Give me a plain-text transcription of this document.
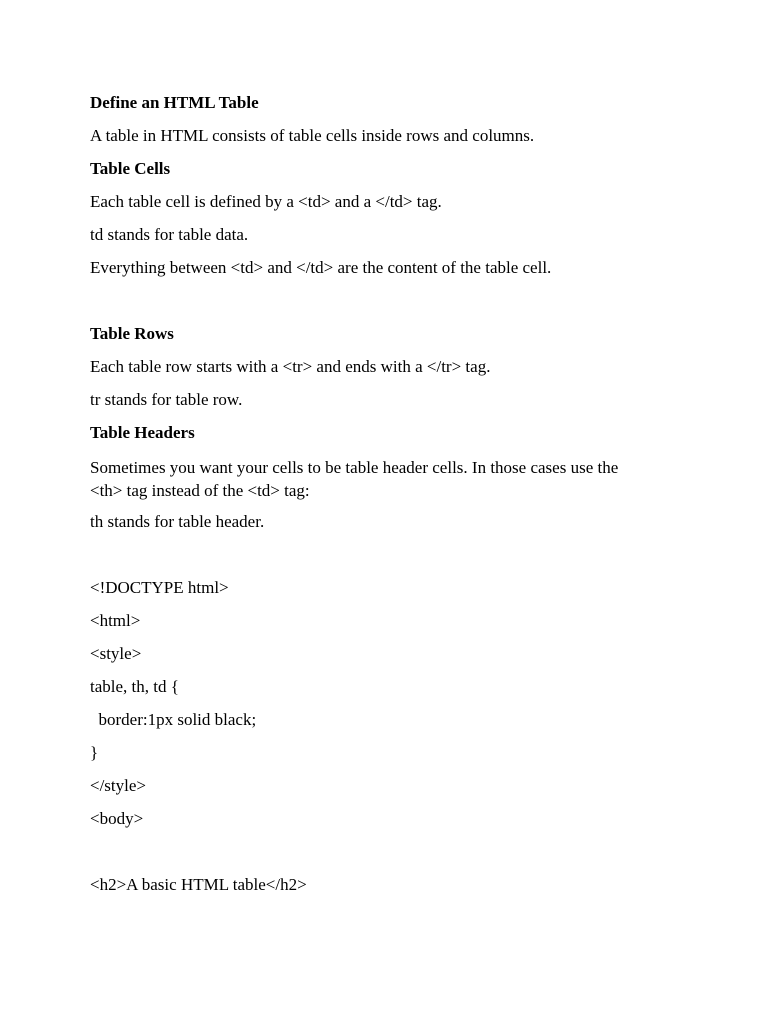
Define an HTML Table
A table in HTML consists of table cells inside rows and columns.
Table Cells
Each table cell is defined by a <td> and a </td> tag.
td stands for table data.
Everything between <td> and </td> are the content of the table cell.
Table Rows
Each table row starts with a <tr> and ends with a </tr> tag.
tr stands for table row.
Table Headers
Sometimes you want your cells to be table header cells. In those cases use the <th> tag instead of the <td> tag:
th stands for table header.
<!DOCTYPE html>
<html>
<style>
table, th, td {
border:1px solid black;
}
</style>
<body>
<h2>A basic HTML table</h2>
